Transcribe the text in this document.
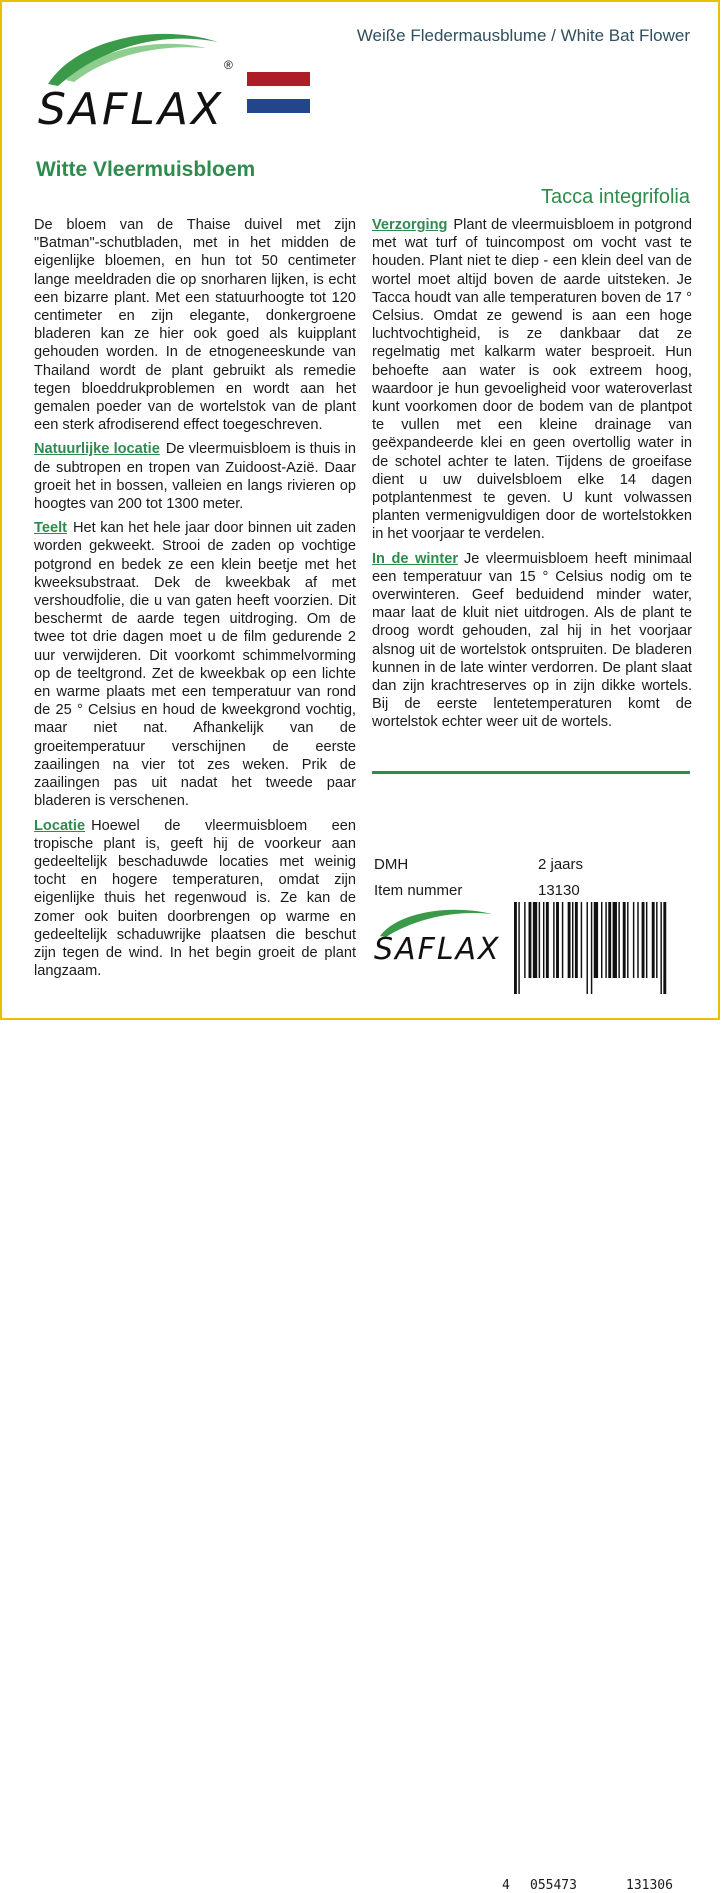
SAFLAX
®
Weiße Fledermausblume / White Bat Flower
Witte Vleermuisbloem
Tacca integrifolia

De bloem van de Thaise duivel met zijn "Batman"-schutbladen, met in het midden de eigenlijke bloemen, en hun tot 50 centimeter lange meeldraden die op snorharen lijken, is echt een bizarre plant. Met een statuurhoogte tot 120 centimeter en zijn elegante, donkergroene bladeren kan ze hier ook goed als kuipplant gehouden worden. In de etnogeneeskunde van Thailand wordt de plant gebruikt als remedie tegen bloeddrukproblemen en wordt aan het gemalen poeder van de wortelstok van de plant een sterk afrodiserend effect toegeschreven.

Natuurlijke locatie De vleermuisbloem is thuis in de subtropen en tropen van Zuidoost-Azië. Daar groeit het in bossen, valleien en langs rivieren op hoogtes van 200 tot 1300 meter.

Teelt Het kan het hele jaar door binnen uit zaden worden gekweekt. Strooi de zaden op vochtige potgrond en bedek ze een klein beetje met het kweeksubstraat. Dek de kweekbak af met vershoudfolie, die u van gaten heeft voorzien. Dit beschermt de aarde tegen uitdroging. Om de twee tot drie dagen moet u de film gedurende 2 uur verwijderen. Dit voorkomt schimmelvorming op de teeltgrond. Zet de kweekbak op een lichte en warme plaats met een temperatuur van rond de 25 ° Celsius en houd de kweekgrond vochtig, maar niet nat. Afhankelijk van de groeitemperatuur verschijnen de eerste zaailingen na vier tot zes weken. Prik de zaailingen pas uit nadat het tweede paar bladeren is verschenen.

Locatie Hoewel de vleermuisbloem een tropische plant is, geeft hij de voorkeur aan gedeeltelijk beschaduwde locaties met weinig tocht en hogere temperaturen, omdat zijn eigenlijke thuis het regenwoud is. Ze kan de zomer ook buiten doorbrengen op warme en gedeeltelijk schaduwrijke plaatsen die beschut zijn tegen de wind. In het begin groeit de plant langzaam.

Verzorging Plant de vleermuisbloem in potgrond met wat turf of tuincompost om vocht vast te houden. Plant niet te diep - een klein deel van de wortel moet altijd boven de aarde uitsteken. Je Tacca houdt van alle temperaturen boven de 17 ° Celsius. Omdat ze gewend is aan een hoge luchtvochtigheid, is ze dankbaar dat ze regelmatig met kalkarm water besproeit. Hun behoefte aan water is ook extreem hoog, waardoor je hun gevoeligheid voor wateroverlast kunt voorkomen door de bodem van de plantpot te vullen met een kleine drainage van geëxpandeerde klei en geen overtollig water in de schotel achter te laten. Tijdens de groeifase dient u uw duivelsbloem elke 14 dagen potplantenmest te geven. U kunt volwassen planten vermenigvuldigen door de wortelstokken in het voorjaar te verdelen.

In de winter Je vleermuisbloem heeft minimaal een temperatuur van 15 ° Celsius nodig om te overwinteren. Geef beduidend minder water, maar laat de kluit niet uitdrogen. Als de plant te droog wordt gehouden, zal hij in het voorjaar alsnog uit de wortelstok ontspruiten. De bladeren kunnen in de late winter verdorren. De plant slaat dan zijn krachtreserves op in zijn dikke wortels. Bij de eerste lentetemperaturen komt de wortelstok echter weer uit de wortels.

DMH	2 jaars
Item nummer	13130
SAFLAX
4 055473	131306
